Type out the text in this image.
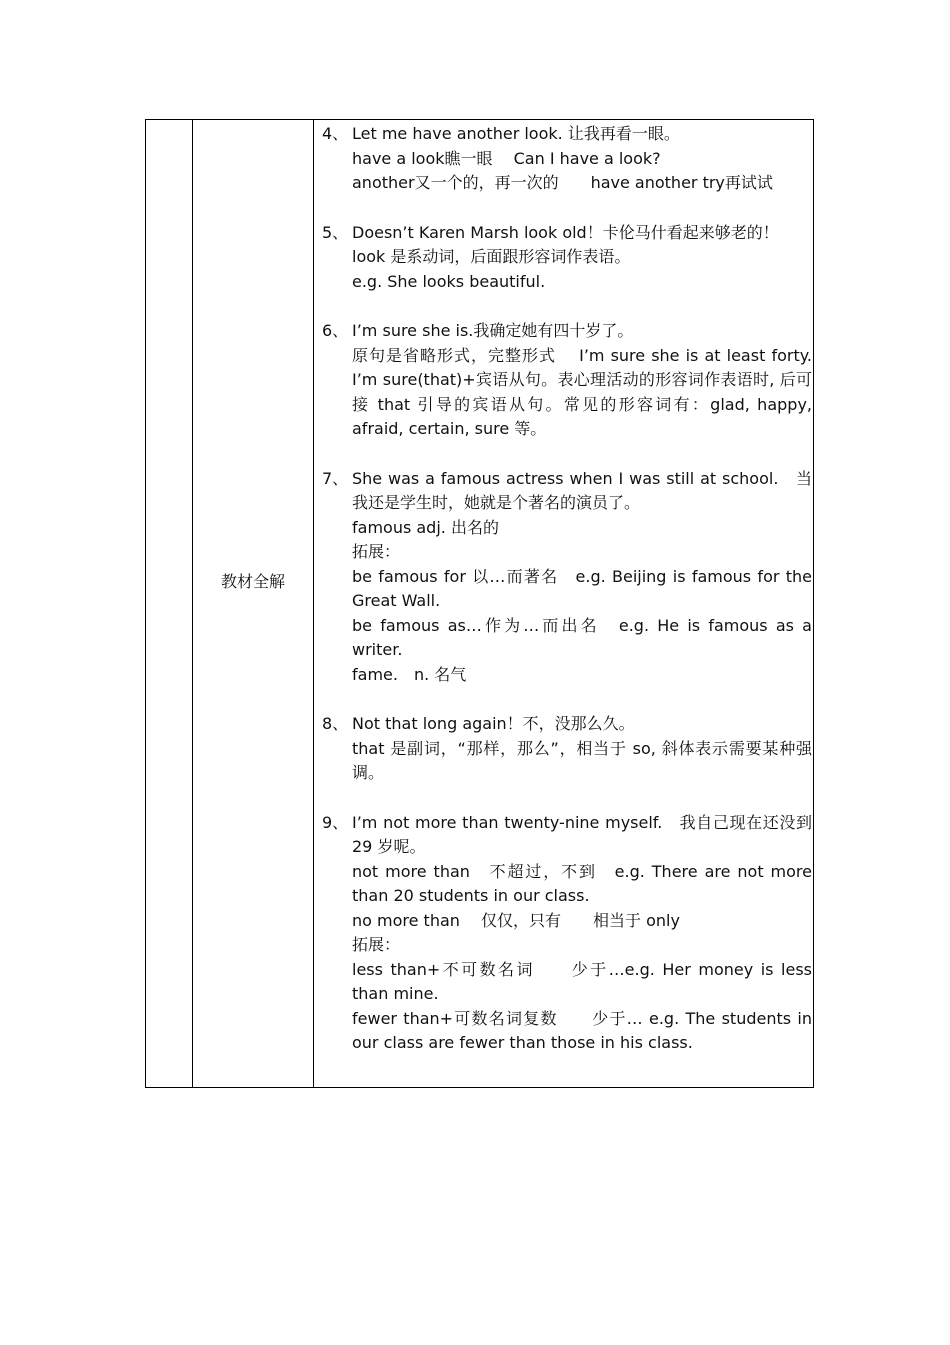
教材全解
4、 Let me have another look. 让我再看一眼。
have a look瞧一眼　 Can I have a look?
another又一个的，再一次的　　have another try再试试
5、 Doesn’t Karen Marsh look old！卡伦马什看起来够老的！
look 是系动词，后面跟形容词作表语。
e.g. She looks beautiful.
6、 I’m sure she is.我确定她有四十岁了。
原句是省略形式，完整形式　 I’m sure she is at least forty. I’m sure(that)+宾语从句。表心理活动的形容词作表语时, 后可接 that 引导的宾语从句。常见的形容词有：glad, happy, afraid, certain, sure 等。
7、 She was a famous actress when I was still at school.　当我还是学生时，她就是个著名的演员了。
famous adj. 出名的
拓展：
be famous for 以…而著名　e.g. Beijing is famous for the Great Wall.
be famous as…作为…而出名　e.g. He is famous as a writer.
fame.　n. 名气
8、 Not that long again！不，没那么久。
that 是副词，“那样，那么”，相当于 so, 斜体表示需要某种强调。
9、 I’m not more than twenty-nine myself.　我自己现在还没到 29 岁呢。
not more than　不超过，不到　e.g. There are not more than 20 students in our class.
no more than　 仅仅，只有　　相当于 only
拓展：
less than+不可数名词　　少于…e.g. Her money is less than mine.
fewer than+可数名词复数　　少于… e.g. The students in our class are fewer than those in his class.
